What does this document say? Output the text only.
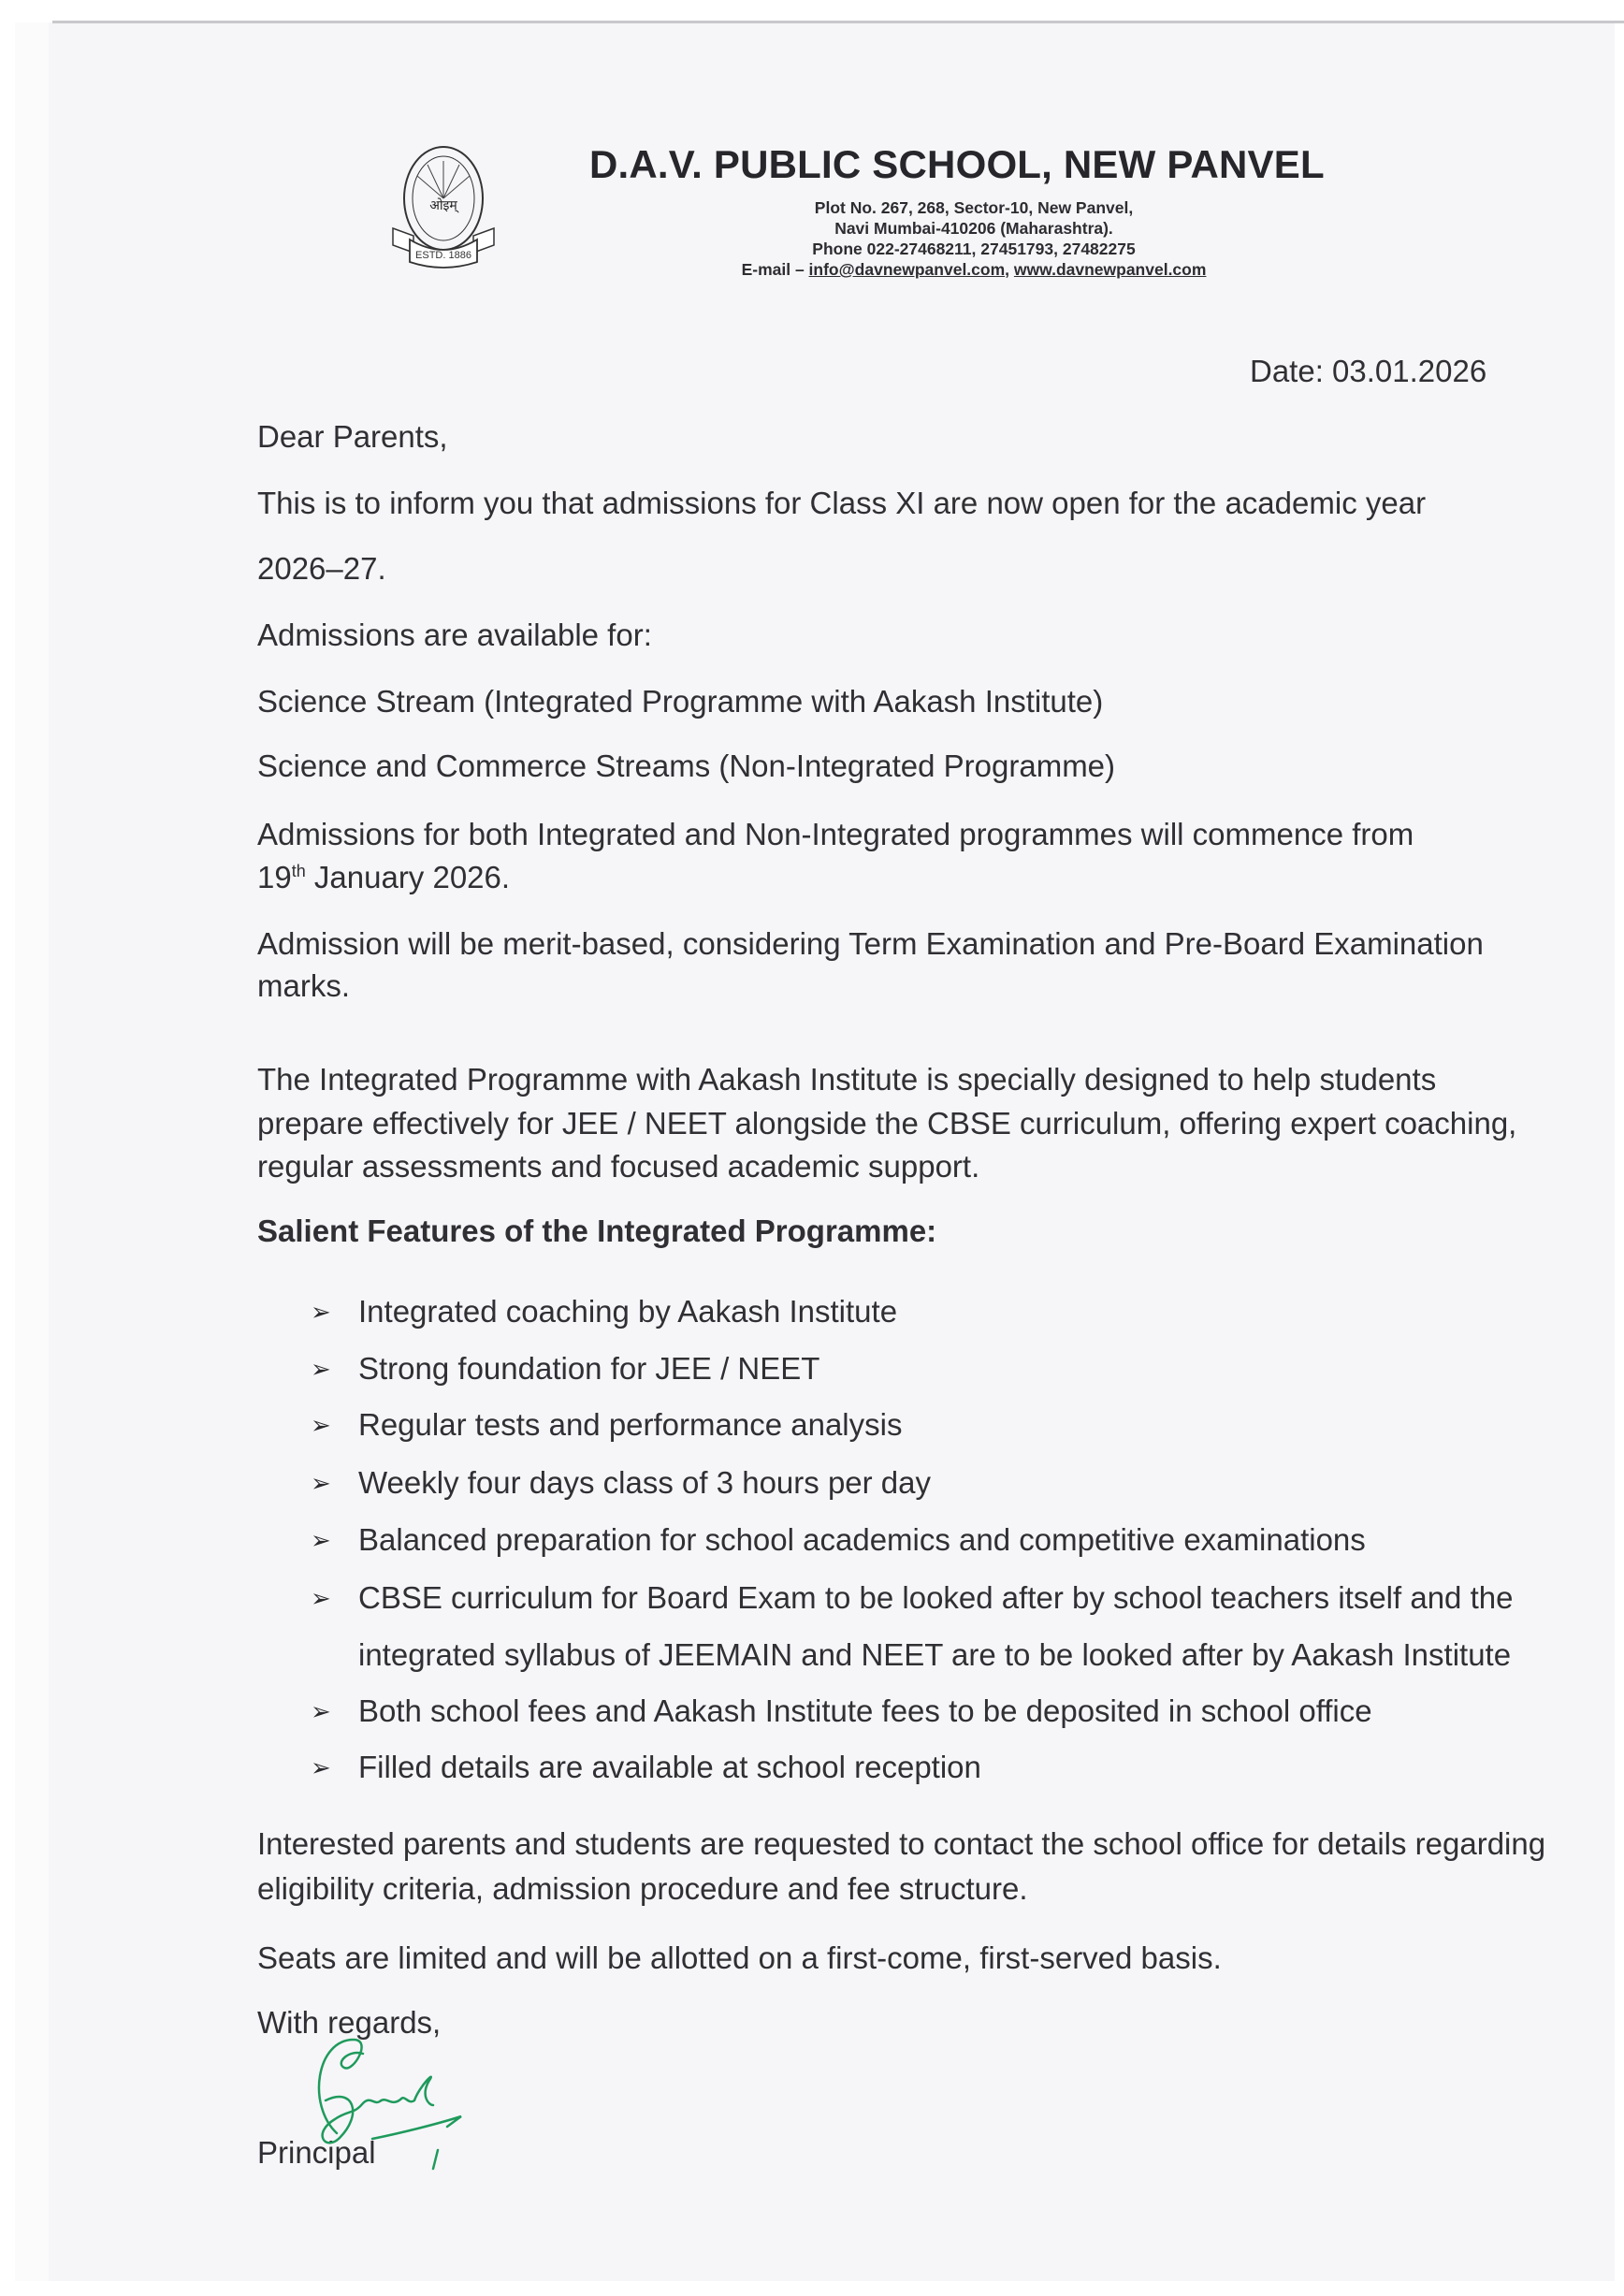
ओइम्
ESTD. 1886
D.A.V. PUBLIC SCHOOL, NEW PANVEL
Plot No. 267, 268, Sector-10, New Panvel,
Navi Mumbai-410206 (Maharashtra).
Phone 022-27468211, 27451793, 27482275
E-mail – info@davnewpanvel.com, www.davnewpanvel.com
Date: 03.01.2026
Dear Parents,
This is to inform you that admissions for Class XI are now open for the academic year
2026–27.
Admissions are available for:
Science Stream (Integrated Programme with Aakash Institute)
Science and Commerce Streams (Non-Integrated Programme)
Admissions for both Integrated and Non-Integrated programmes will commence from
19th January 2026.
Admission will be merit-based, considering Term Examination and Pre-Board Examination
marks.
The Integrated Programme with Aakash Institute is specially designed to help students
prepare effectively for JEE / NEET alongside the CBSE curriculum, offering expert coaching,
regular assessments and focused academic support.
Salient Features of the Integrated Programme:
➢ Integrated coaching by Aakash Institute
➢ Strong foundation for JEE / NEET
➢ Regular tests and performance analysis
➢ Weekly four days class of 3 hours per day
➢ Balanced preparation for school academics and competitive examinations
➢ CBSE curriculum for Board Exam to be looked after by school teachers itself and the
integrated syllabus of JEEMAIN and NEET are to be looked after by Aakash Institute
➢ Both school fees and Aakash Institute fees to be deposited in school office
➢ Filled details are available at school reception
Interested parents and students are requested to contact the school office for details regarding
eligibility criteria, admission procedure and fee structure.
Seats are limited and will be allotted on a first-come, first-served basis.
With regards,
Principal
